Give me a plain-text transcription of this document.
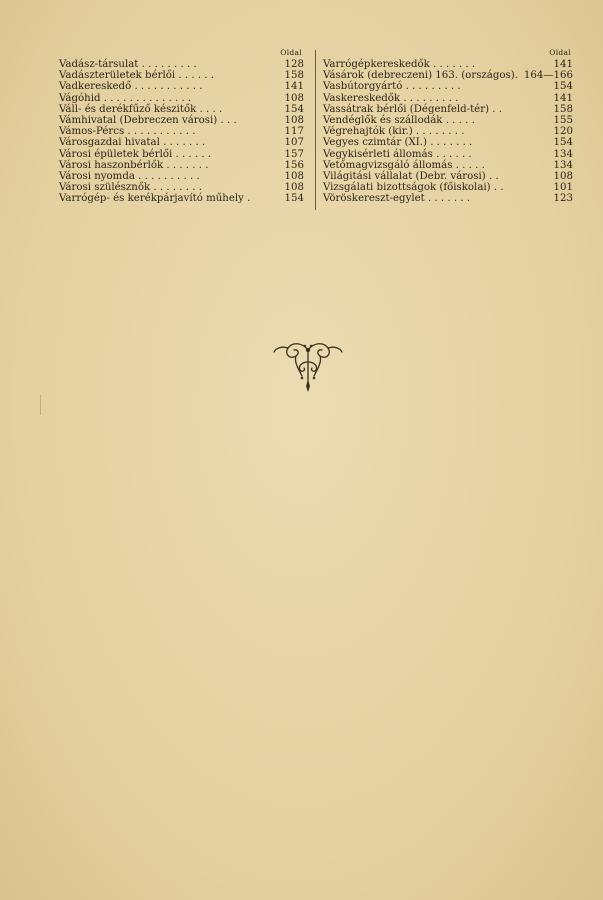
Oldal
Vadász-társulat . . . . . . . . .	128
Vadászterületek bérlői . . . . . .	158
Vadkereskedő . . . . . . . . . . .	141
Vágóhid . . . . . . . . . . . . . .	108
Váll- és derékfűző készitők . . . .	154
Vámhivatal (Debreczen városi) . . .	108
Vámos-Pércs . . . . . . . . . . .	117
Városgazdai hivatal . . . . . . .	107
Városi épületek bérlői . . . . . .	157
Városi haszonbérlők . . . . . . .	156
Városi nyomda . . . . . . . . . .	108
Városi szülésznők . . . . . . . .	108
Varrógép- és kerékpárjavító műhely .	154
Oldal
Varrógépkereskedők . . . . . . .	141
Vásárok (debreczeni) 163. (országos). 164—166
Vasbútorgyártó . . . . . . . . .	154
Vaskereskedők . . . . . . . . .	141
Vassátrak bérlői (Dégenfeld-tér) . .	158
Vendéglők és szállodák . . . . .	155
Végrehajtók (kir.) . . . . . . . .	120
Vegyes czimtár (XI.) . . . . . . .	154
Vegykisérleti állomás . . . . . .	134
Vetőmagvizsgáló állomás . . . . .	134
Világitási vállalat (Debr. városi) . .	108
Vizsgálati bizottságok (főiskolai) . .	101
Vöröskereszt-egylet . . . . . . .	123
